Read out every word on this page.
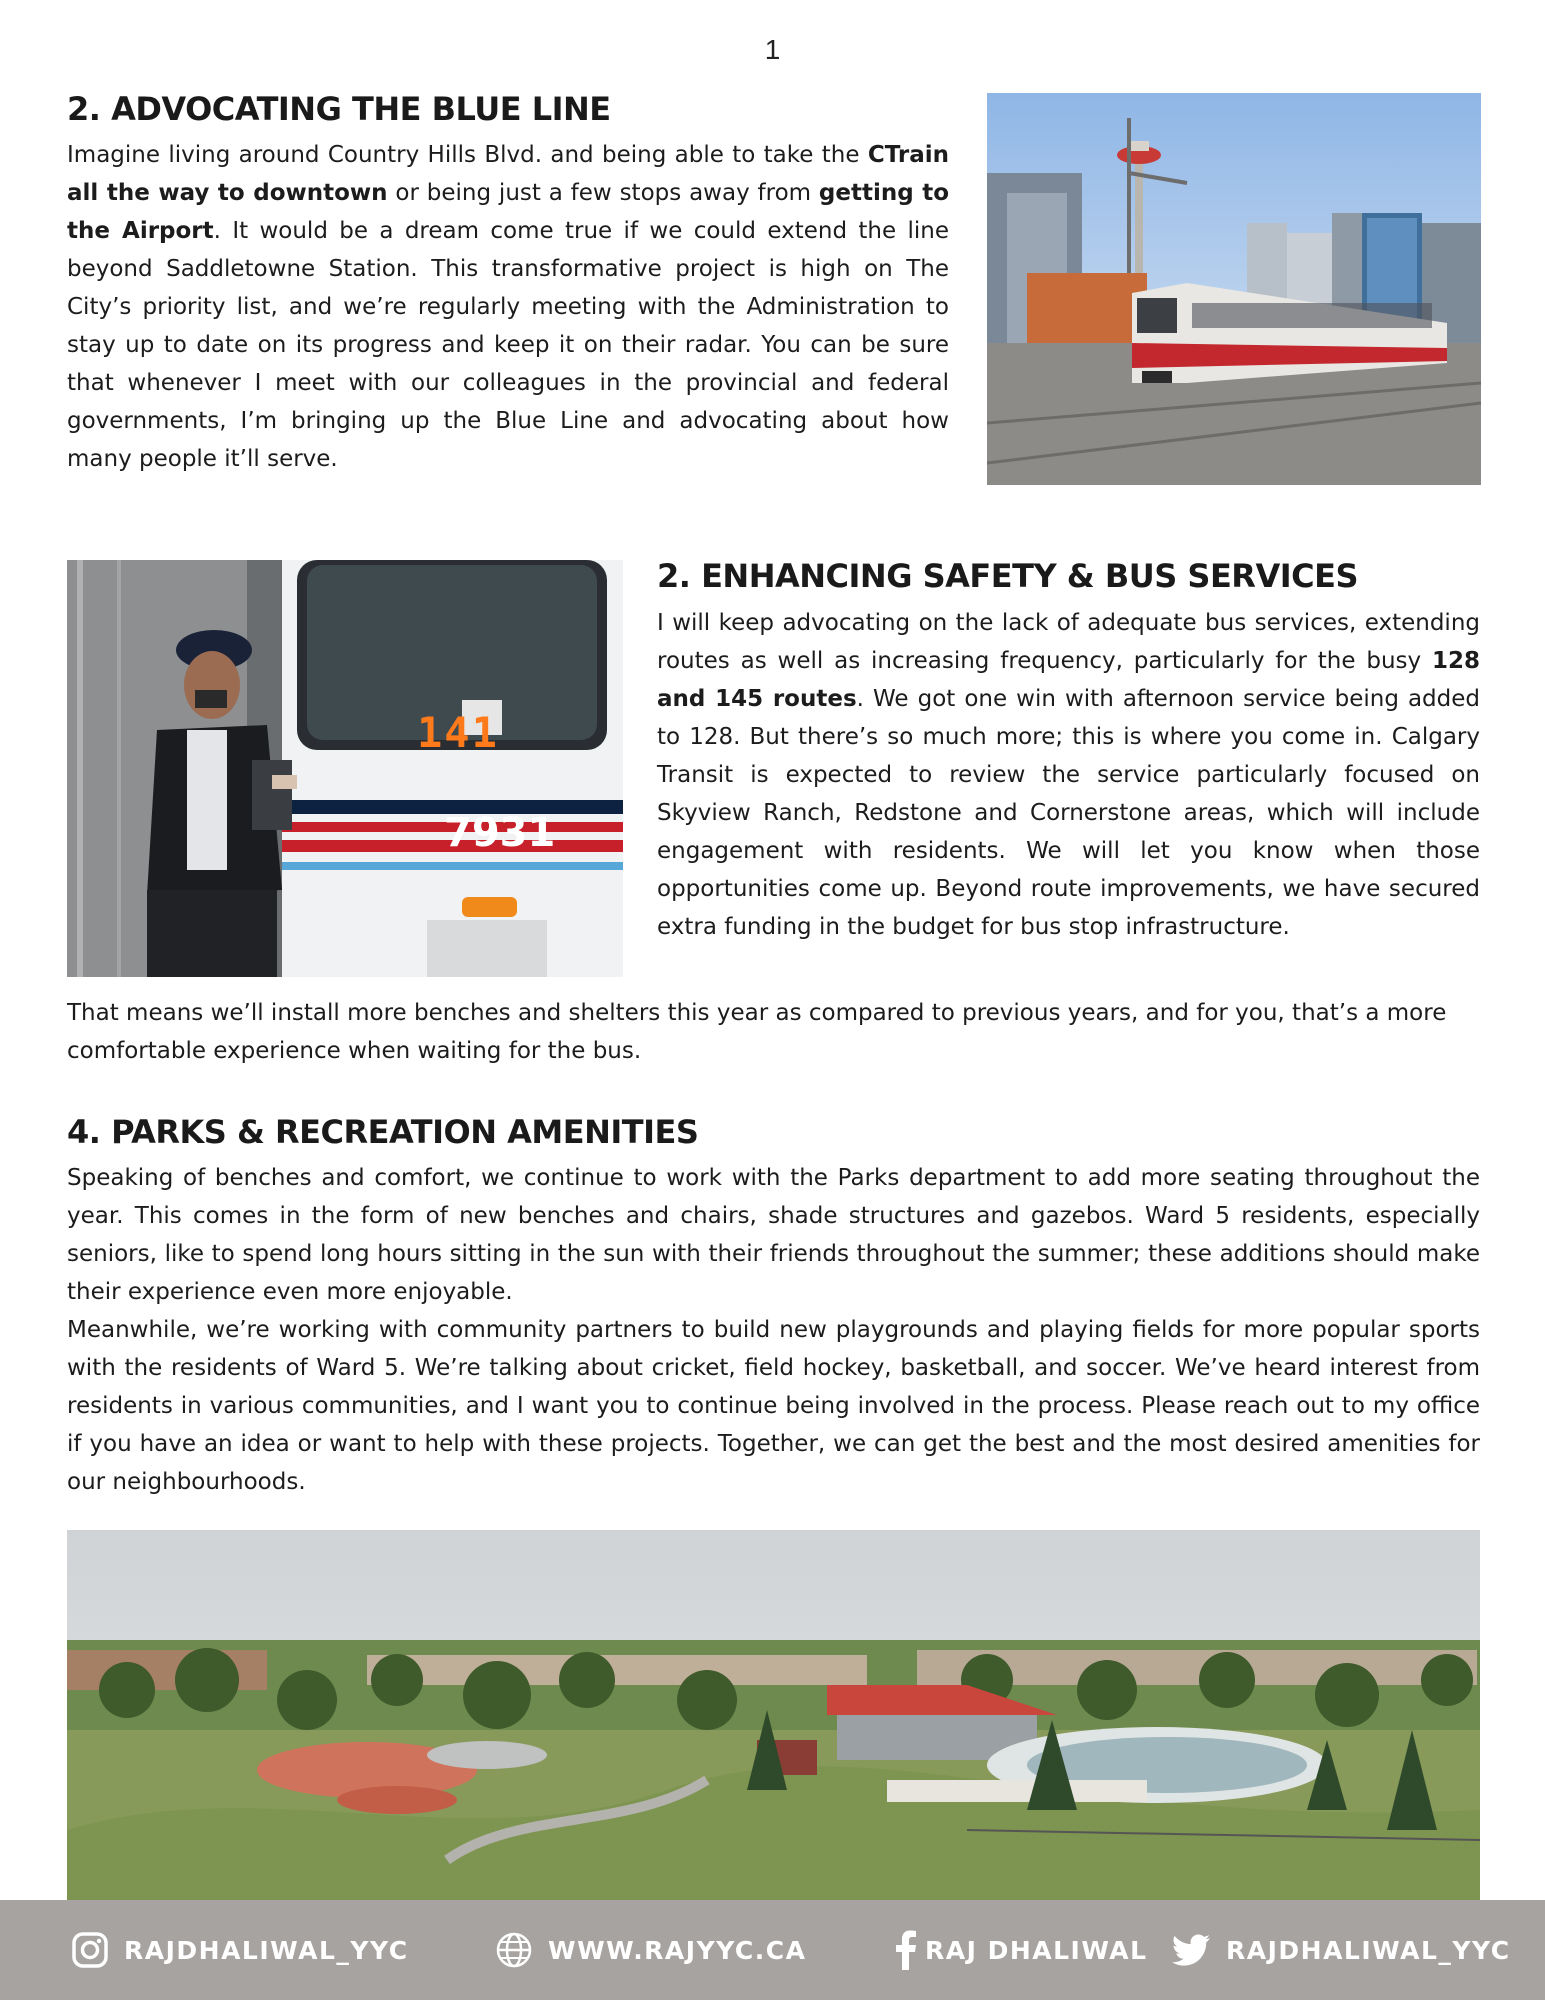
1
2. ADVOCATING THE BLUE LINE

Imagine living around Country Hills Blvd. and being able to take the CTrain all the way to downtown or being just a few stops away from getting to the Airport. It would be a dream come true if we could extend the line beyond Saddletowne Station. This transformative project is high on The City’s priority list, and we’re regularly meeting with the Administration to stay up to date on its progress and keep it on their radar. You can be sure that whenever I meet with our colleagues in the provincial and federal governments, I’m bringing up the Blue Line and advocating about how many people it’ll serve.

141
7931
2. ENHANCING SAFETY & BUS SERVICES

I will keep advocating on the lack of adequate bus services, extending routes as well as increasing frequency, particularly for the busy 128 and 145 routes. We got one win with afternoon service being added to 128. But there’s so much more; this is where you come in. Calgary Transit is expected to review the service particularly focused on Skyview Ranch, Redstone and Cornerstone areas, which will include engagement with residents. We will let you know when those opportunities come up. Beyond route improvements, we have secured extra funding in the budget for bus stop infrastructure.

That means we’ll install more benches and shelters this year as compared to previous years, and for you, that’s a more comfortable experience when waiting for the bus.

4. PARKS & RECREATION AMENITIES

Speaking of benches and comfort, we continue to work with the Parks department to add more seating throughout the year. This comes in the form of new benches and chairs, shade structures and gazebos. Ward 5 residents, especially seniors, like to spend long hours sitting in the sun with their friends throughout the summer; these additions should make their experience even more enjoyable.

Meanwhile, we’re working with community partners to build new playgrounds and playing fields for more popular sports with the residents of Ward 5. We’re talking about cricket, field hockey, basketball, and soccer. We’ve heard interest from residents in various communities, and I want you to continue being involved in the process. Please reach out to my office if you have an idea or want to help with these projects. Together, we can get the best and the most desired amenities for our neighbourhoods.

RAJDHALIWAL_YYC	WWW.RAJYYC.CA	RAJ DHALIWAL	RAJDHALIWAL_YYC
